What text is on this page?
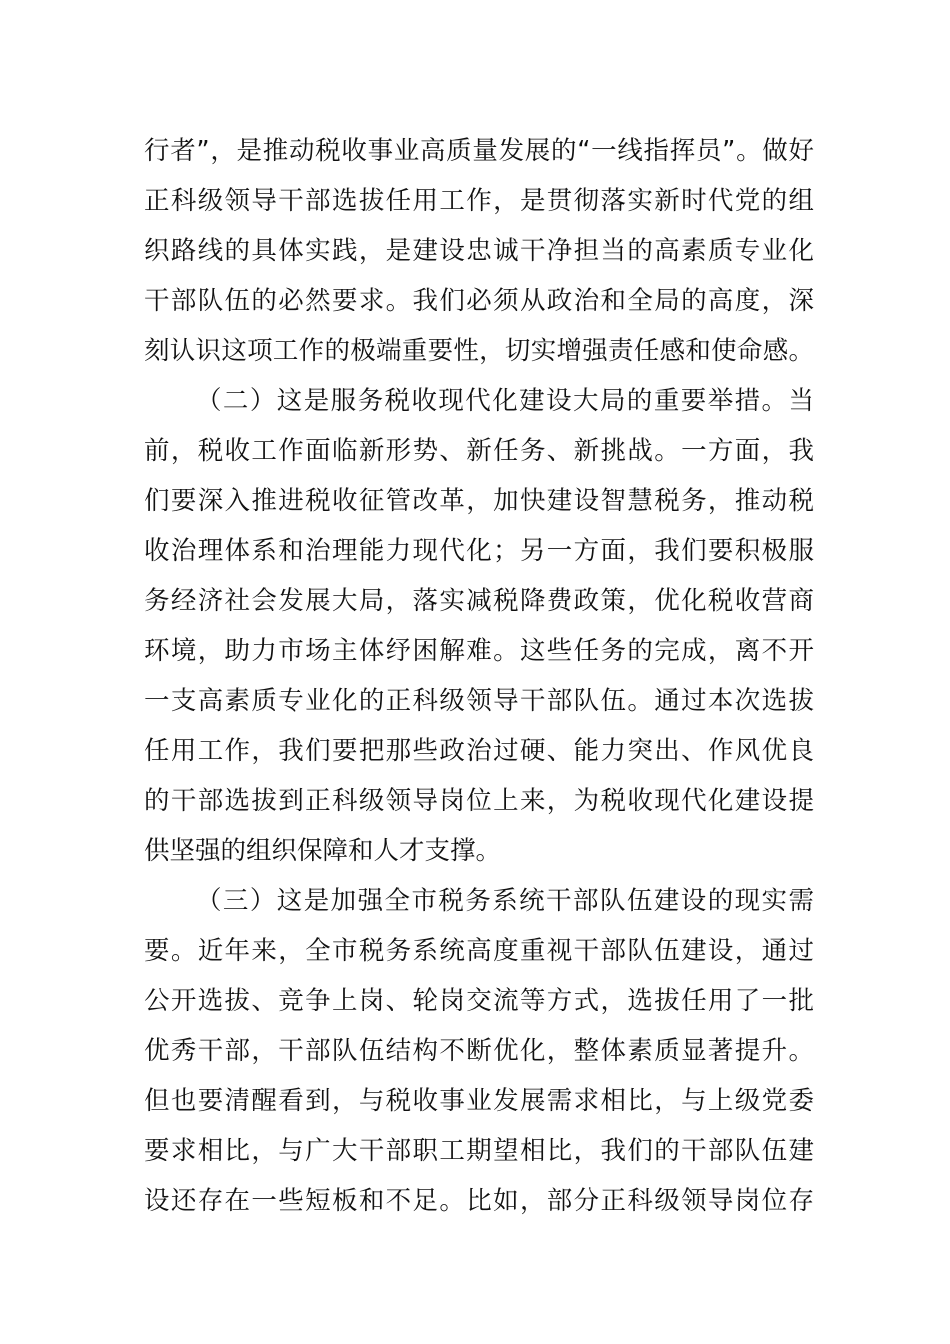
行者”，是推动税收事业高质量发展的“一线指挥员”。做好
正科级领导干部选拔任用工作，是贯彻落实新时代党的组
织路线的具体实践，是建设忠诚干净担当的高素质专业化
干部队伍的必然要求。我们必须从政治和全局的高度，深
刻认识这项工作的极端重要性，切实增强责任感和使命感。
（二）这是服务税收现代化建设大局的重要举措。当
前，税收工作面临新形势、新任务、新挑战。一方面，我
们要深入推进税收征管改革，加快建设智慧税务，推动税
收治理体系和治理能力现代化；另一方面，我们要积极服
务经济社会发展大局，落实减税降费政策，优化税收营商
环境，助力市场主体纾困解难。这些任务的完成，离不开
一支高素质专业化的正科级领导干部队伍。通过本次选拔
任用工作，我们要把那些政治过硬、能力突出、作风优良
的干部选拔到正科级领导岗位上来，为税收现代化建设提
供坚强的组织保障和人才支撑。
（三）这是加强全市税务系统干部队伍建设的现实需
要。近年来，全市税务系统高度重视干部队伍建设，通过
公开选拔、竞争上岗、轮岗交流等方式，选拔任用了一批
优秀干部，干部队伍结构不断优化，整体素质显著提升。
但也要清醒看到，与税收事业发展需求相比，与上级党委
要求相比，与广大干部职工期望相比，我们的干部队伍建
设还存在一些短板和不足。比如，部分正科级领导岗位存
